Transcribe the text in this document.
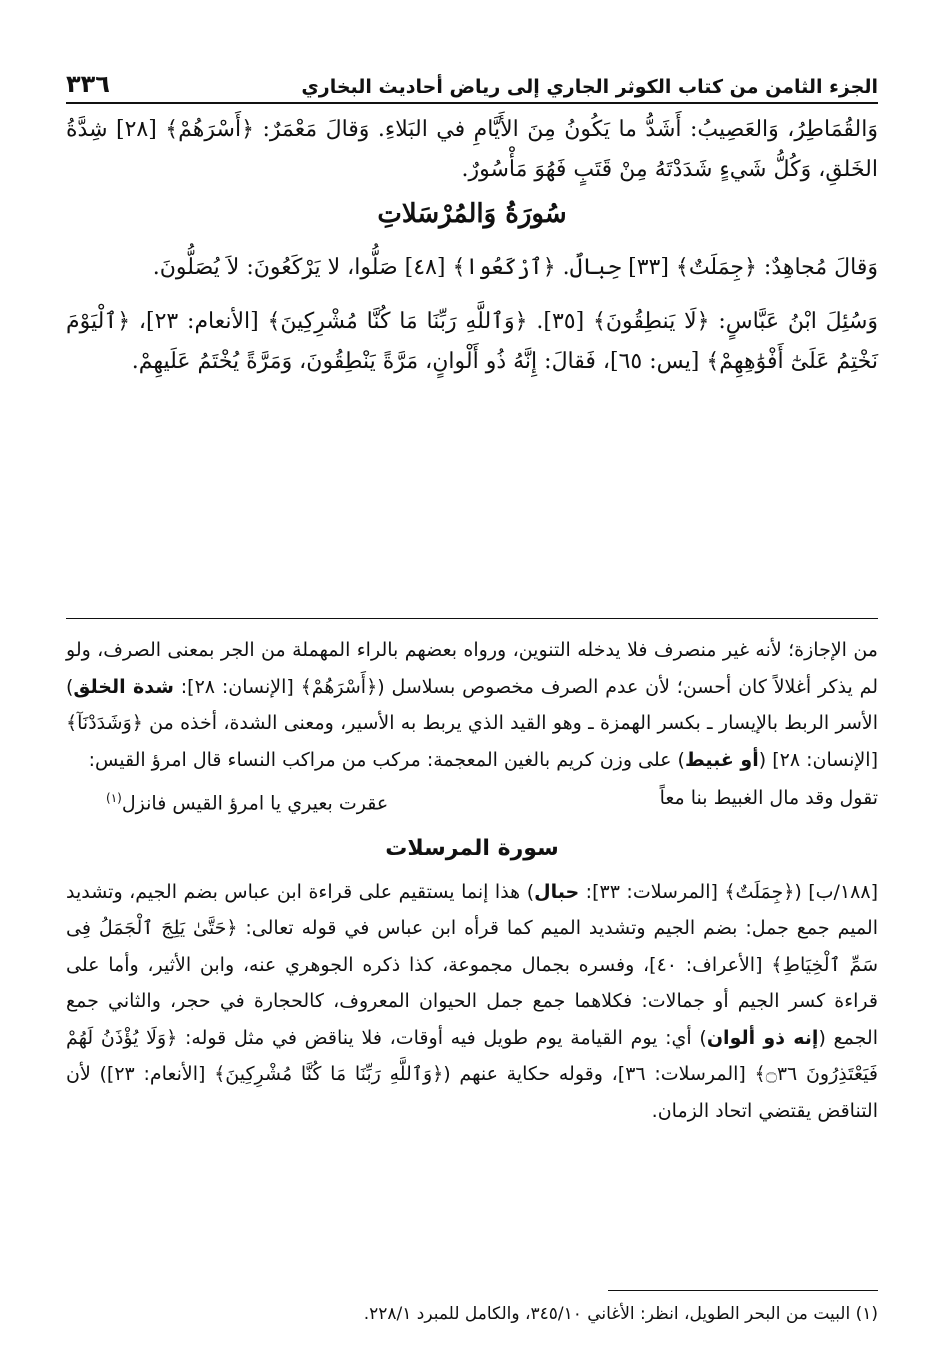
الجزء الثامن من كتاب الكوثر الجاري إلى رياض أحاديث البخاري
٣٣٦

وَالقُمَاطِرُ، وَالعَصِيبُ: أَشَدُّ ما يَكُونُ مِنَ الأَيَّامِ في البَلاءِ. وَقالَ مَعْمَرٌ: ﴿أَسْرَهُمْ﴾ [٢٨] شِدَّةُ الخَلقِ، وَكُلُّ شَيءٍ شَدَدْتَهُ مِنْ قَتَبٍ فَهُوَ مَأْسُورٌ.

سُورَةُ وَالمُرْسَلاتِ

وَقالَ مُجاهِدٌ: ﴿جِمَلَتٌ﴾ [٣٣] حِبالٌ. ﴿ٱرْكَعُوا﴾ [٤٨] صَلُّوا، لا يَرْكَعُونَ: لاَ يُصَلُّونَ.

وَسُئِلَ ابْنُ عَبَّاسٍ: ﴿لَا يَنطِقُونَ﴾ [٣٥]. ﴿وَٱللَّهِ رَبِّنَا مَا كُنَّا مُشْرِكِينَ﴾ [الأنعام: ٢٣]، ﴿ٱلْيَوْمَ نَخْتِمُ عَلَىٰٓ أَفْوَٰهِهِمْ﴾ [يس: ٦٥]، فَقالَ: إِنَّهُ ذُو أَلْوانٍ، مَرَّةً يَنْطِقُونَ، وَمَرَّةً يُخْتَمُ عَلَيهِمْ.

من الإجازة؛ لأنه غير منصرف فلا يدخله التنوين، ورواه بعضهم بالراء المهملة من الجر بمعنى الصرف، ولو لم يذكر أغلالاً كان أحسن؛ لأن عدم الصرف مخصوص بسلاسل (﴿أَسْرَهُمْ﴾ [الإنسان: ٢٨]: شدة الخلق) الأسر الربط بالإيسار ـ بكسر الهمزة ـ وهو القيد الذي يربط به الأسير، ومعنى الشدة، أخذه من ﴿وَشَدَدْنَآ﴾ [الإنسان: ٢٨] (أو غبيط) على وزن كريم بالغين المعجمة: مركب من مراكب النساء قال امرؤ القيس:

تقول وقد مال الغبيط بنا معاً
عقرت بعيري يا امرؤ القيس فانزل$^{(١)}$
سورة المرسلات

[١٨٨/ب] (﴿جِمَلَتٌ﴾ [المرسلات: ٣٣]: حبال) هذا إنما يستقيم على قراءة ابن عباس بضم الجيم، وتشديد الميم جمع جمل: بضم الجيم وتشديد الميم كما قرأه ابن عباس في قوله تعالى: ﴿حَتَّىٰ يَلِجَ ٱلْجَمَلُ فِى سَمِّ ٱلْخِيَاطِ﴾ [الأعراف: ٤٠]، وفسره بجمال مجموعة، كذا ذكره الجوهري عنه، وابن الأثير، وأما على قراءة كسر الجيم أو جمالات: فكلاهما جمع جمل الحيوان المعروف، كالحجارة في حجر، والثاني جمع الجمع (إنه ذو ألوان) أي: يوم القيامة يوم طويل فيه أوقات، فلا يناقض في مثل قوله: ﴿وَلَا يُؤْذَنُ لَهُمْ فَيَعْتَذِرُونَ ۝٣٦﴾ [المرسلات: ٣٦]، وقوله حكاية عنهم (﴿وَٱللَّهِ رَبِّنَا مَا كُنَّا مُشْرِكِينَ﴾ [الأنعام: ٢٣]) لأن التناقض يقتضي اتحاد الزمان.

(١) البيت من البحر الطويل، انظر: الأغاني ٣٤٥/١٠، والكامل للمبرد ٢٢٨/١.
